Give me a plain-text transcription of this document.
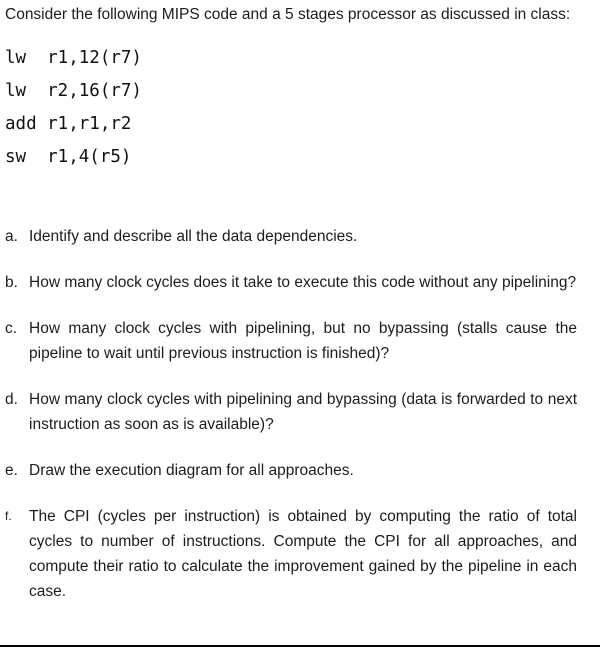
Consider the following MIPS code and a 5 stages processor as discussed in class:
lw  r1,12(r7)
lw  r2,16(r7)
add r1,r1,r2
sw  r1,4(r5)
a. Identify and describe all the data dependencies.
b. How many clock cycles does it take to execute this code without any pipelining?
c. How many clock cycles with pipelining, but no bypassing (stalls cause the pipeline to wait until previous instruction is finished)?
d. How many clock cycles with pipelining and bypassing (data is forwarded to next instruction as soon as is available)?
e. Draw the execution diagram for all approaches.
f.	The CPI (cycles per instruction) is obtained by computing the ratio of total cycles to number of instructions. Compute the CPI for all approaches, and compute their ratio to calculate the improvement gained by the pipeline in each case.
